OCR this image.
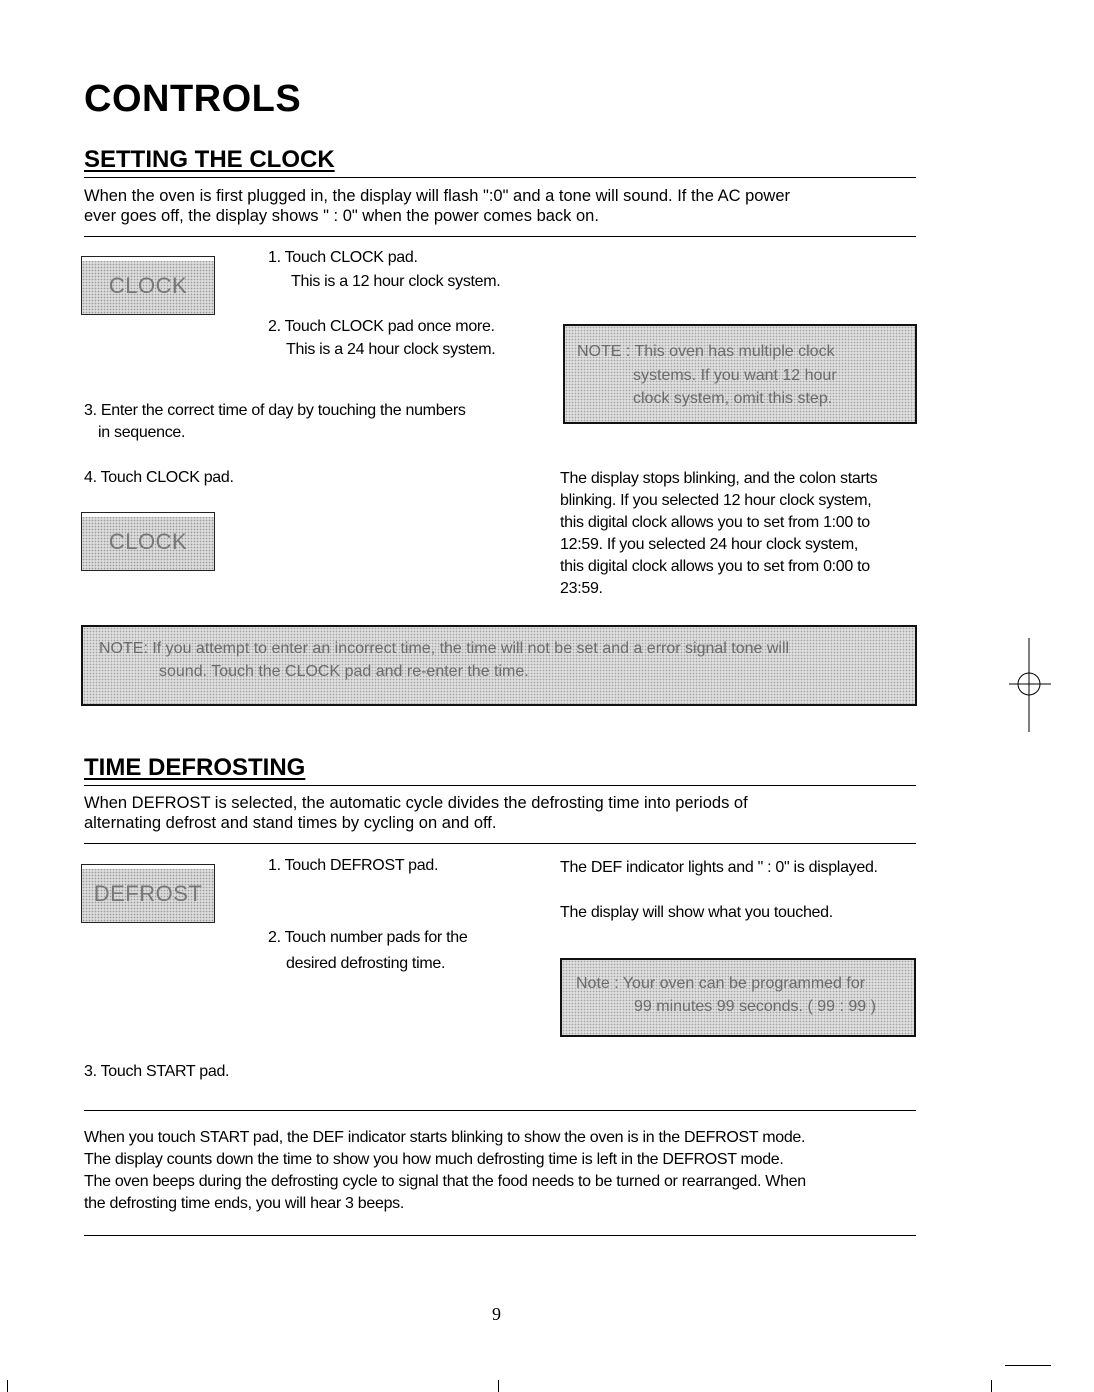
CONTROLS
SETTING THE CLOCK
When the oven is first plugged in, the display will flash ":0" and a tone will sound. If the AC power
ever goes off, the display shows " : 0" when the power comes back on.
CLOCK
1. Touch CLOCK pad.
This is a 12 hour clock system.
2. Touch CLOCK pad once more.
This is a 24 hour clock system.	NOTE : This oven has multiple clock
systems. If you want 12 hour
clock system, omit this step.
3. Enter the correct time of day by touching the numbers
in sequence.
4. Touch CLOCK pad.
CLOCK
The display stops blinking, and the colon starts
blinking. If you selected 12 hour clock system,
this digital clock allows you to set from 1:00 to
12:59. If you selected 24 hour clock system,
this digital clock allows you to set from 0:00 to
23:59.
NOTE: If you attempt to enter an incorrect time, the time will not be set and a error signal tone will
sound. Touch the CLOCK pad and re-enter the time.
TIME DEFROSTING
When DEFROST is selected, the automatic cycle divides the defrosting time into periods of
alternating defrost and stand times by cycling on and off.
DEFROST
1. Touch DEFROST pad.	The DEF indicator lights and " : 0" is displayed.
The display will show what you touched.
2. Touch number pads for the
desired defrosting time.
Note : Your oven can be programmed for
99 minutes 99 seconds. ( 99 : 99 )
3. Touch START pad.
When you touch START pad, the DEF indicator starts blinking to show the oven is in the DEFROST mode.
The display counts down the time to show you how much defrosting time is left in the DEFROST mode.
The oven beeps during the defrosting cycle to signal that the food needs to be turned or rearranged. When
the defrosting time ends, you will hear 3 beeps.
9
